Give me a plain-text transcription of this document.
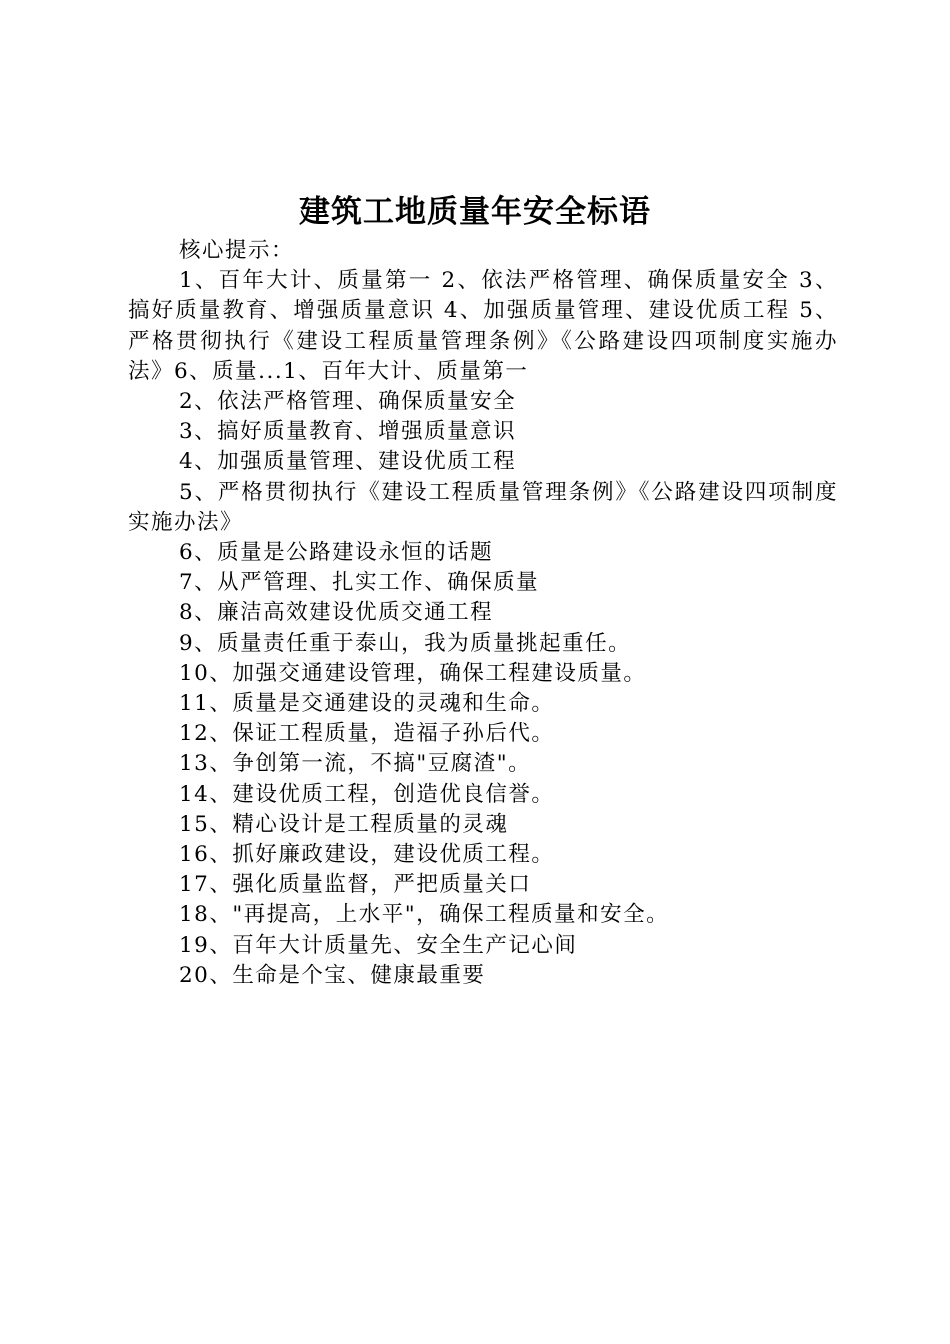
建筑工地质量年安全标语

核心提示：

1、百年大计、质量第一 2、依法严格管理、确保质量安全 3、搞好质量教育、增强质量意识 4、加强质量管理、建设优质工程 5、严格贯彻执行《建设工程质量管理条例》《公路建设四项制度实施办法》6、质量...1、百年大计、质量第一

2、依法严格管理、确保质量安全

3、搞好质量教育、增强质量意识

4、加强质量管理、建设优质工程

5、严格贯彻执行《建设工程质量管理条例》《公路建设四项制度实施办法》

6、质量是公路建设永恒的话题

7、从严管理、扎实工作、确保质量

8、廉洁高效建设优质交通工程

9、质量责任重于泰山，我为质量挑起重任。

10、加强交通建设管理，确保工程建设质量。

11、质量是交通建设的灵魂和生命。

12、保证工程质量，造福子孙后代。

13、争创第一流，不搞"豆腐渣"。

14、建设优质工程，创造优良信誉。

15、精心设计是工程质量的灵魂

16、抓好廉政建设，建设优质工程。

17、强化质量监督，严把质量关口

18、"再提高，上水平"，确保工程质量和安全。

19、百年大计质量先、安全生产记心间

20、生命是个宝、健康最重要
